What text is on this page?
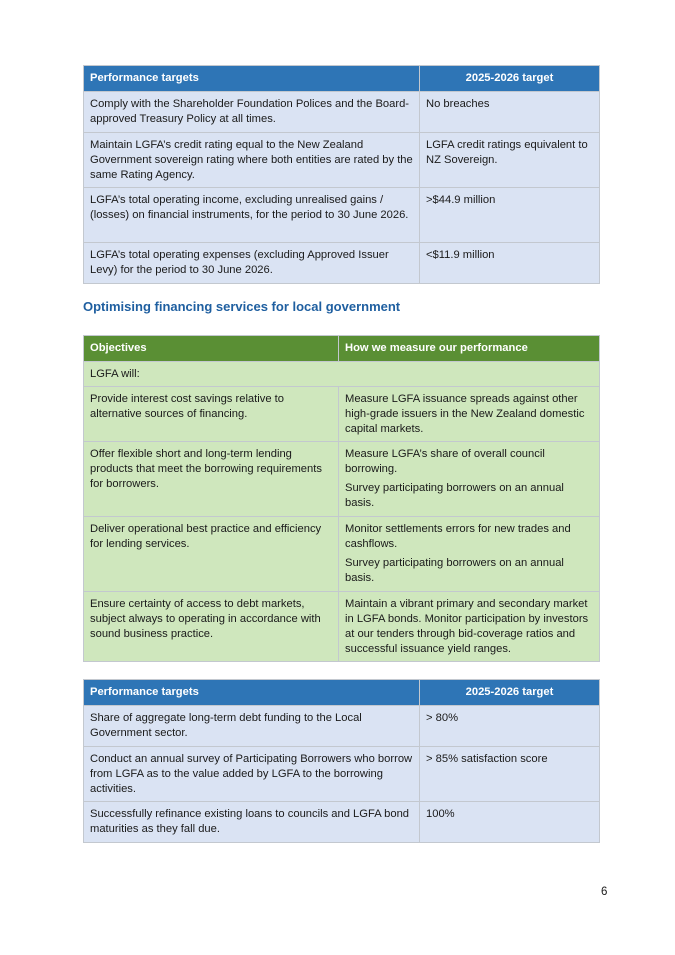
Performance targets	2025-2026 target
Comply with the Shareholder Foundation Polices and the Board-approved Treasury Policy at all times.	No breaches
Maintain LGFA’s credit rating equal to the New Zealand Government sovereign rating where both entities are rated by the same Rating Agency.	LGFA credit ratings equivalent to NZ Sovereign.
LGFA’s total operating income, excluding unrealised gains / (losses) on financial instruments, for the period to 30 June 2026.	>$44.9 million
LGFA’s total operating expenses (excluding Approved Issuer Levy) for the period to 30 June 2026.	<$11.9 million
Optimising financing services for local government
Objectives	How we measure our performance
LGFA will:	
Provide interest cost savings relative to alternative sources of financing.	Measure LGFA issuance spreads against other high-grade issuers in the New Zealand domestic capital markets.

Offer flexible short and long-term lending products that meet the borrowing requirements for borrowers.	Measure LGFA’s share of overall council borrowing.

Survey participating borrowers on an annual basis.

Deliver operational best practice and efficiency for lending services.	Monitor settlements errors for new trades and cashflows.

Survey participating borrowers on an annual basis.

Ensure certainty of access to debt markets, subject always to operating in accordance with sound business practice.	Maintain a vibrant primary and secondary market in LGFA bonds. Monitor participation by investors at our tenders through bid-coverage ratios and successful issuance yield ranges.

Performance targets	2025-2026 target
Share of aggregate long-term debt funding to the Local Government sector.	> 80%
Conduct an annual survey of Participating Borrowers who borrow from LGFA as to the value added by LGFA to the borrowing activities.	> 85% satisfaction score
Successfully refinance existing loans to councils and LGFA bond maturities as they fall due.	100%
6
